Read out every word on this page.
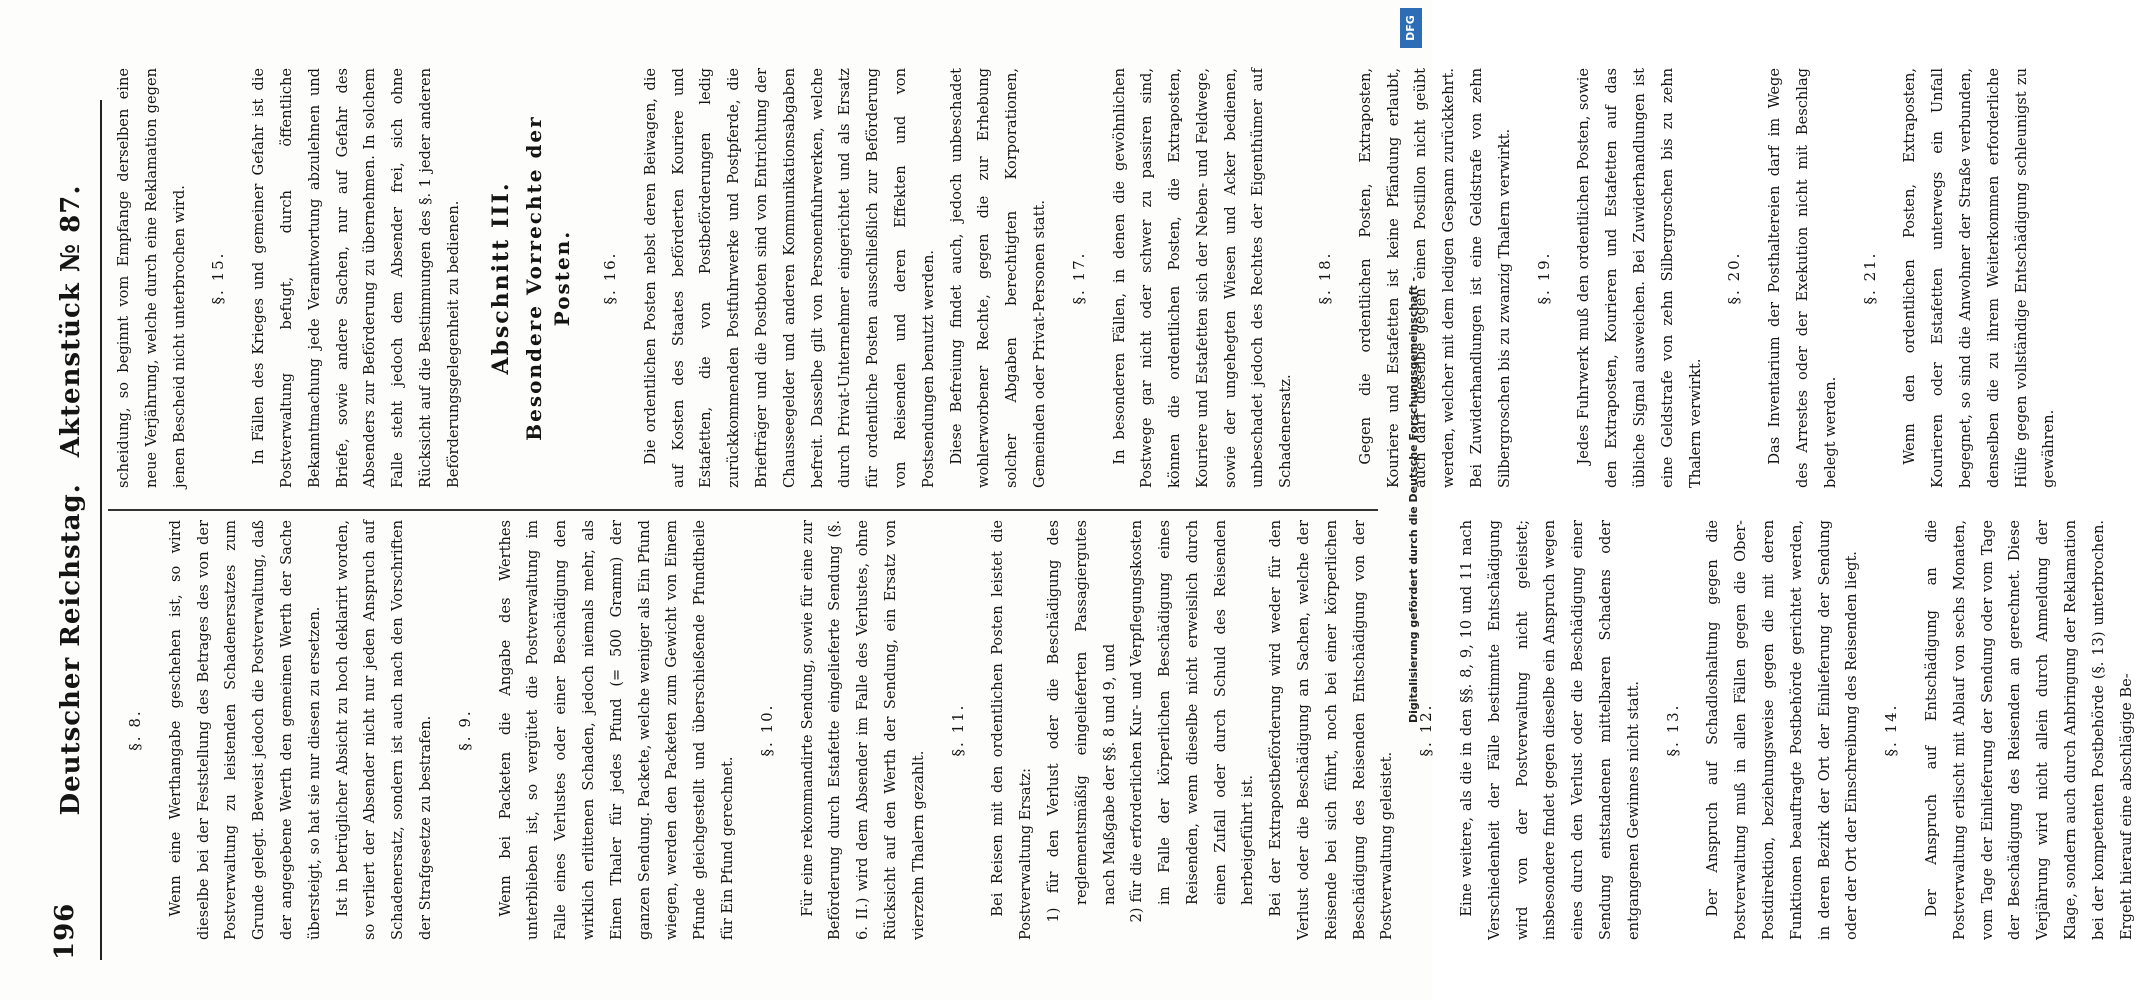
196
Deutscher Reichstag. Aktenstück № 87.
§. 8.	Wenn eine Werthangabe geschehen ist, so wird dieselbe bei der Feststellung des Betrages des von der Postverwaltung zu leistenden Schadenersatzes zum Grunde gelegt. Beweist jedoch die Postverwaltung, daß der angegebene Werth den gemeinen Werth der Sache übersteigt, so hat sie nur diesen zu ersetzen. Ist in betrüglicher Absicht zu hoch deklarirt worden, so verliert der Absender nicht nur jeden Anspruch auf Schadenersatz, sondern ist auch nach den Vorschriften der Strafgesetze zu bestrafen.	§. 9.	Wenn bei Packeten die Angabe des Werthes unterblieben ist, so vergütet die Postverwaltung im Falle eines Verlustes oder einer Beschädigung den wirklich erlittenen Schaden, jedoch niemals mehr, als Einen Thaler für jedes Pfund (= 500 Gramm) der ganzen Sendung. Packete, welche weniger als Ein Pfund wiegen, werden den Packeten zum Gewicht von Einem Pfunde gleichgestellt und überschießende Pfundtheile für Ein Pfund gerechnet.

§. 10.	Für eine rekommandirte Sendung, sowie für eine zur Beförderung durch Estafette eingelieferte Sendung (§. 6. II.) wird dem Absender im Falle des Verlustes, ohne Rücksicht auf den Werth der Sendung, ein Ersatz von vierzehn Thalern gezahlt.

§. 11.	Bei Reisen mit den ordentlichen Posten leistet die Postverwaltung Ersatz: 1) für den Verlust oder die Beschädigung des reglementsmäßig eingelieferten Passagiergutes nach Maßgabe der §§. 8 und 9, und 2) für die erforderlichen Kur- und Verpflegungskosten im Falle der körperlichen Beschädigung eines Reisenden, wenn dieselbe nicht erweislich durch einen Zufall oder durch Schuld des Reisenden herbeigeführt ist. Bei der Extrapostbeförderung wird weder für den Verlust oder die Beschädigung an Sachen, welche der Reisende bei sich führt, noch bei einer körperlichen Beschädigung des Reisenden Entschädigung von der Postverwaltung geleistet.

§. 12.	Eine weitere, als die in den §§. 8, 9, 10 und 11 nach Verschiedenheit der Fälle bestimmte Entschädigung wird von der Postverwaltung nicht geleistet; insbesondere findet gegen dieselbe ein Anspruch wegen eines durch den Verlust oder die Beschädigung einer Sendung entstandenen mittelbaren Schadens oder entgangenen Gewinnes nicht statt.	§. 13.	Der Anspruch auf Schadloshaltung gegen die Postverwaltung muß in allen Fällen gegen die Ober-Postdirektion, beziehungsweise gegen die mit deren Funktionen beauftragte Postbehörde gerichtet werden, in deren Bezirk der Ort der Einlieferung der Sendung oder der Ort der Einschreibung des Reisenden liegt.	§. 14.	Der Anspruch auf Entschädigung an die Postverwaltung erlischt mit Ablauf von sechs Monaten, vom Tage der Einlieferung der Sendung oder vom Tage der Beschädigung des Reisenden an gerechnet. Diese Verjährung wird nicht allein durch Anmeldung der Klage, sondern auch durch Anbringung der Reklamation bei der kompetenten Postbehörde (§. 13) unterbrochen. Ergeht hierauf eine abschlägige Be-

scheidung, so beginnt vom Empfange derselben eine neue Verjährung, welche durch eine Reklamation gegen jenen Bescheid nicht unterbrochen wird.	§. 15.	In Fällen des Krieges und gemeiner Gefahr ist die Postverwaltung befugt, durch öffentliche Bekanntmachung jede Verantwortung abzulehnen und Briefe, sowie andere Sachen, nur auf Gefahr des Absenders zur Beförderung zu übernehmen. In solchem Falle steht jedoch dem Absender frei, sich ohne Rücksicht auf die Bestimmungen des §. 1 jeder anderen Beförderungsgelegenheit zu bedienen. Abschnitt III. Besondere Vorrechte der Posten. §. 16.	Die ordentlichen Posten nebst deren Beiwagen, die auf Kosten des Staates beförderten Kouriere und Estafetten, die von Postbeförderungen ledig zurückkommenden Postfuhrwerke und Postpferde, die Briefträger und die Postboten sind von Entrichtung der Chausseegelder und anderen Kommunikationsabgaben befreit. Dasselbe gilt von Personenfuhrwerken, welche durch Privat-Unternehmer eingerichtet und als Ersatz für ordentliche Posten ausschließlich zur Beförderung von Reisenden und deren Effekten und von Postsendungen benutzt werden. Diese Befreiung findet auch, jedoch unbeschadet wohlerworbener Rechte, gegen die zur Erhebung solcher Abgaben berechtigten Korporationen, Gemeinden oder Privat-Personen statt.	§. 17.	In besonderen Fällen, in denen die gewöhnlichen Postwege gar nicht oder schwer zu passiren sind, können die ordentlichen Posten, die Extraposten, Kouriere und Estafetten sich der Neben- und Feldwege, sowie der ungehegten Wiesen und Acker bedienen, unbeschadet jedoch des Rechtes der Eigenthümer auf Schadenersatz.

§. 18.	Gegen die ordentlichen Posten, Extraposten, Kouriere und Estafetten ist keine Pfändung erlaubt, auch darf dieselbe gegen einen Postillon nicht geübt werden, welcher mit dem ledigen Gespann zurückkehrt. Bei Zuwiderhandlungen ist eine Geldstrafe von zehn Silbergroschen bis zu zwanzig Thalern verwirkt.	§. 19.	Jedes Fuhrwerk muß den ordentlichen Posten, sowie den Extraposten, Kourieren und Estafetten auf das übliche Signal ausweichen. Bei Zuwiderhandlungen ist eine Geldstrafe von zehn Silbergroschen bis zu zehn Thalern verwirkt.

§. 20.	Das Inventarium der Posthaltereien darf im Wege des Arrestes oder der Exekution nicht mit Beschlag belegt werden.

§. 21.	Wenn den ordentlichen Posten, Extraposten, Kourieren oder Estafetten unterwegs ein Unfall begegnet, so sind die Anwohner der Straße verbunden, denselben die zu ihrem Weiterkommen erforderliche Hülfe gegen vollständige Entschädigung schleunigst zu gewähren.

Digitalisierung gefördert durch die Deutsche Forschungsgemeinschaft -
DFG
